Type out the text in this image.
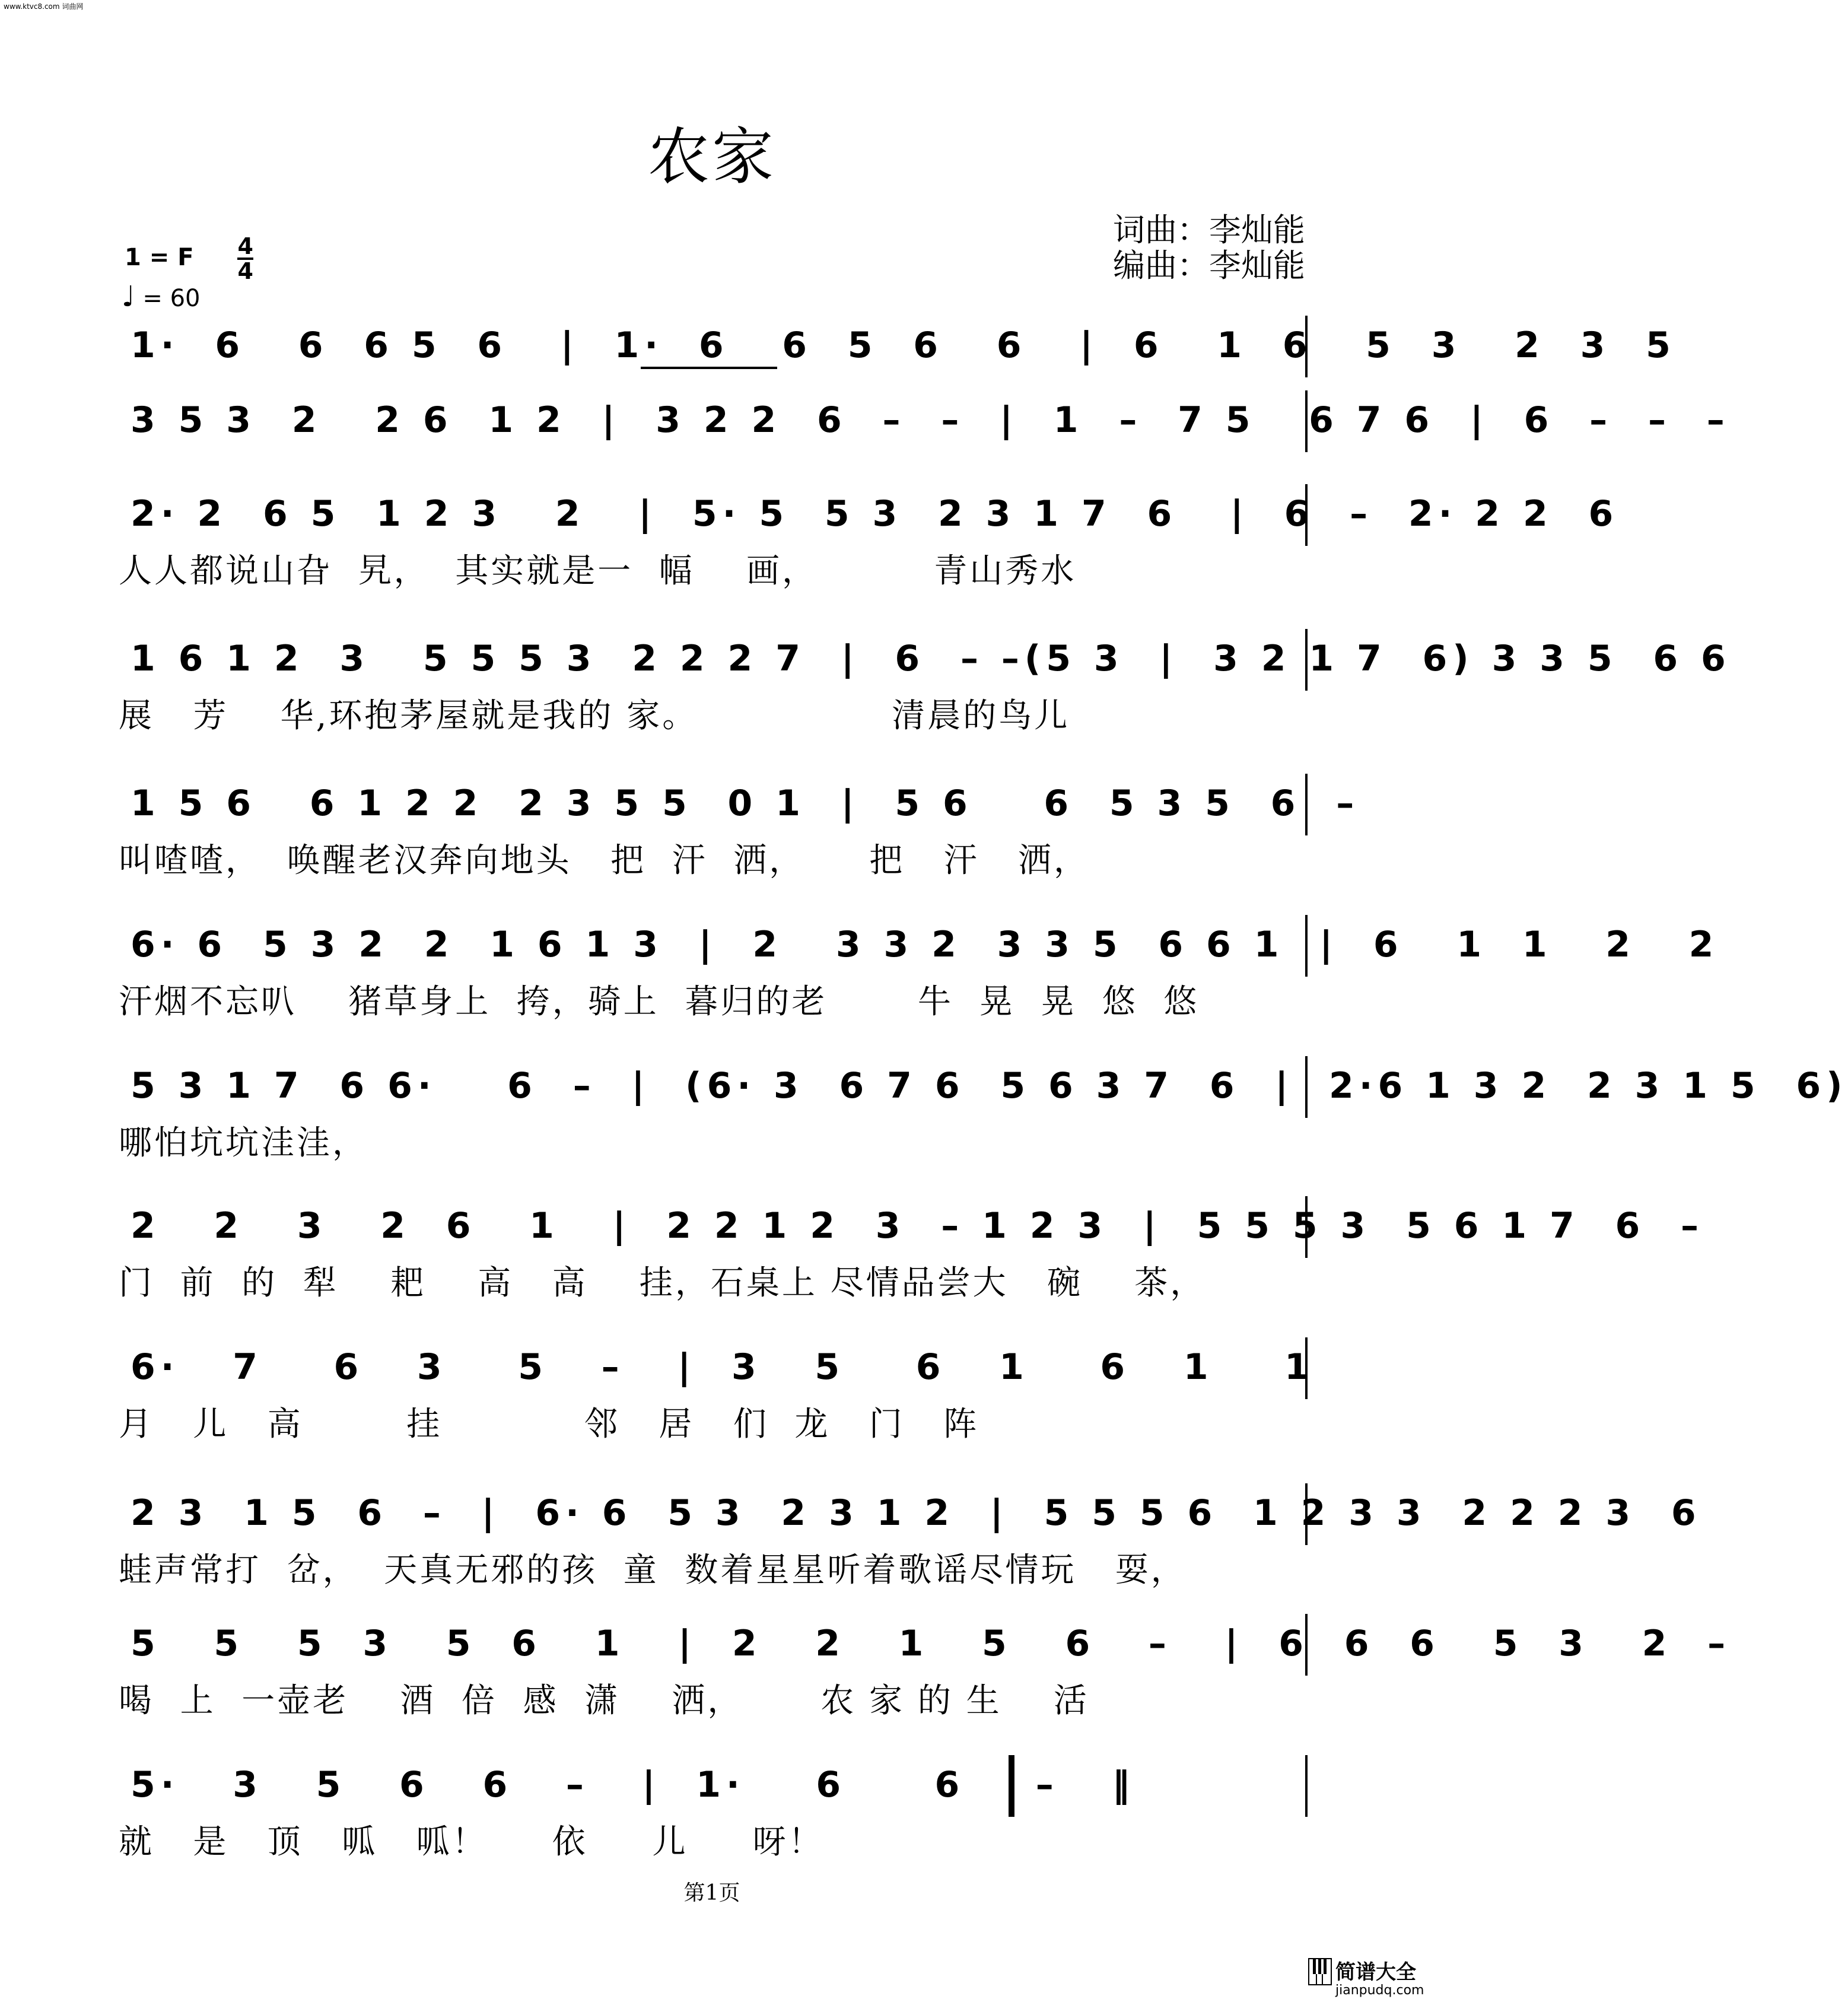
www.ktvc8.com 词曲网
农家
1 = F $\frac{4}{4}$
♩ = 60
词曲：李灿能
编曲：李灿能
1·  6   6  6 5  6   |  1·  6   6  5  6   6   |  6   1  6   5  3   2  3  5
3 5 3  2   2 6  1 2  |  3 2 2  6  –  –  |  1  –  7 5   6 7 6  |  6  –  –  –
2· 2  6 5  1 2 3   2   |  5· 5  5 3  2 3 1 7  6   |  6  –  2· 2 2  6
人人都说山旮  旯，  其实就是一  幅    画，         青山秀水
1 6 1 2  3   5 5 5 3  2 2 2 7  |  6  – –(5 3  |  3 2 1 7  6) 3 3 5  6 6
展   芳    华,环抱茅屋就是我的 家。               清晨的鸟儿
1 5 6   6 1 2 2  2 3 5 5  0 1  |  5 6    6  5 3 5  6  –
叫喳喳，  唤醒老汉奔向地头   把  汗  洒，     把   汗   洒，
6· 6  5 3 2  2  1 6 1 3  |  2   3 3 2  3 3 5  6 6 1  |  6   1  1   2   2
汗烟不忘叭    猪草身上  挎，骑上  暮归的老       牛  晃  晃  悠  悠
5 3 1 7  6 6·    6  –  |  (6· 3  6 7 6  5 6 3 7  6  |  2·6 1 3 2  2 3 1 5  6)
哪怕坑坑洼洼，
2   2   3   2  6   1   |  2 2 1 2  3  – 1 2 3  |  5 5 5 3  5 6 1 7  6  –
门  前  的  犁    耙    高   高    挂，石桌上 尽情品尝大   碗    茶，
6·   7    6   3    5   –   |  3   5    6   1    6   1    1
月   儿   高        挂           邻   居   们  龙   门   阵
2 3  1 5  6  –  |  6· 6  5 3  2 3 1 2  |  5 5 5 6  1 2 3 3  2 2 2 3  6
蛙声常打  岔，  天真无邪的孩  童  数着星星听着歌谣尽情玩   耍，
5   5   5  3   5  6   1   |  2   2   1   5   6   –   |  6  6  6   5  3   2  –
喝  上  一壶老    酒  倍  感  潇    洒，      农 家 的 生    活
5·   3   5   6   6   –   |  1·    6     6    –   ‖
就   是   顶   呱   呱！     依     儿     呀！
第1页
简谱大全
jianpudq.com
